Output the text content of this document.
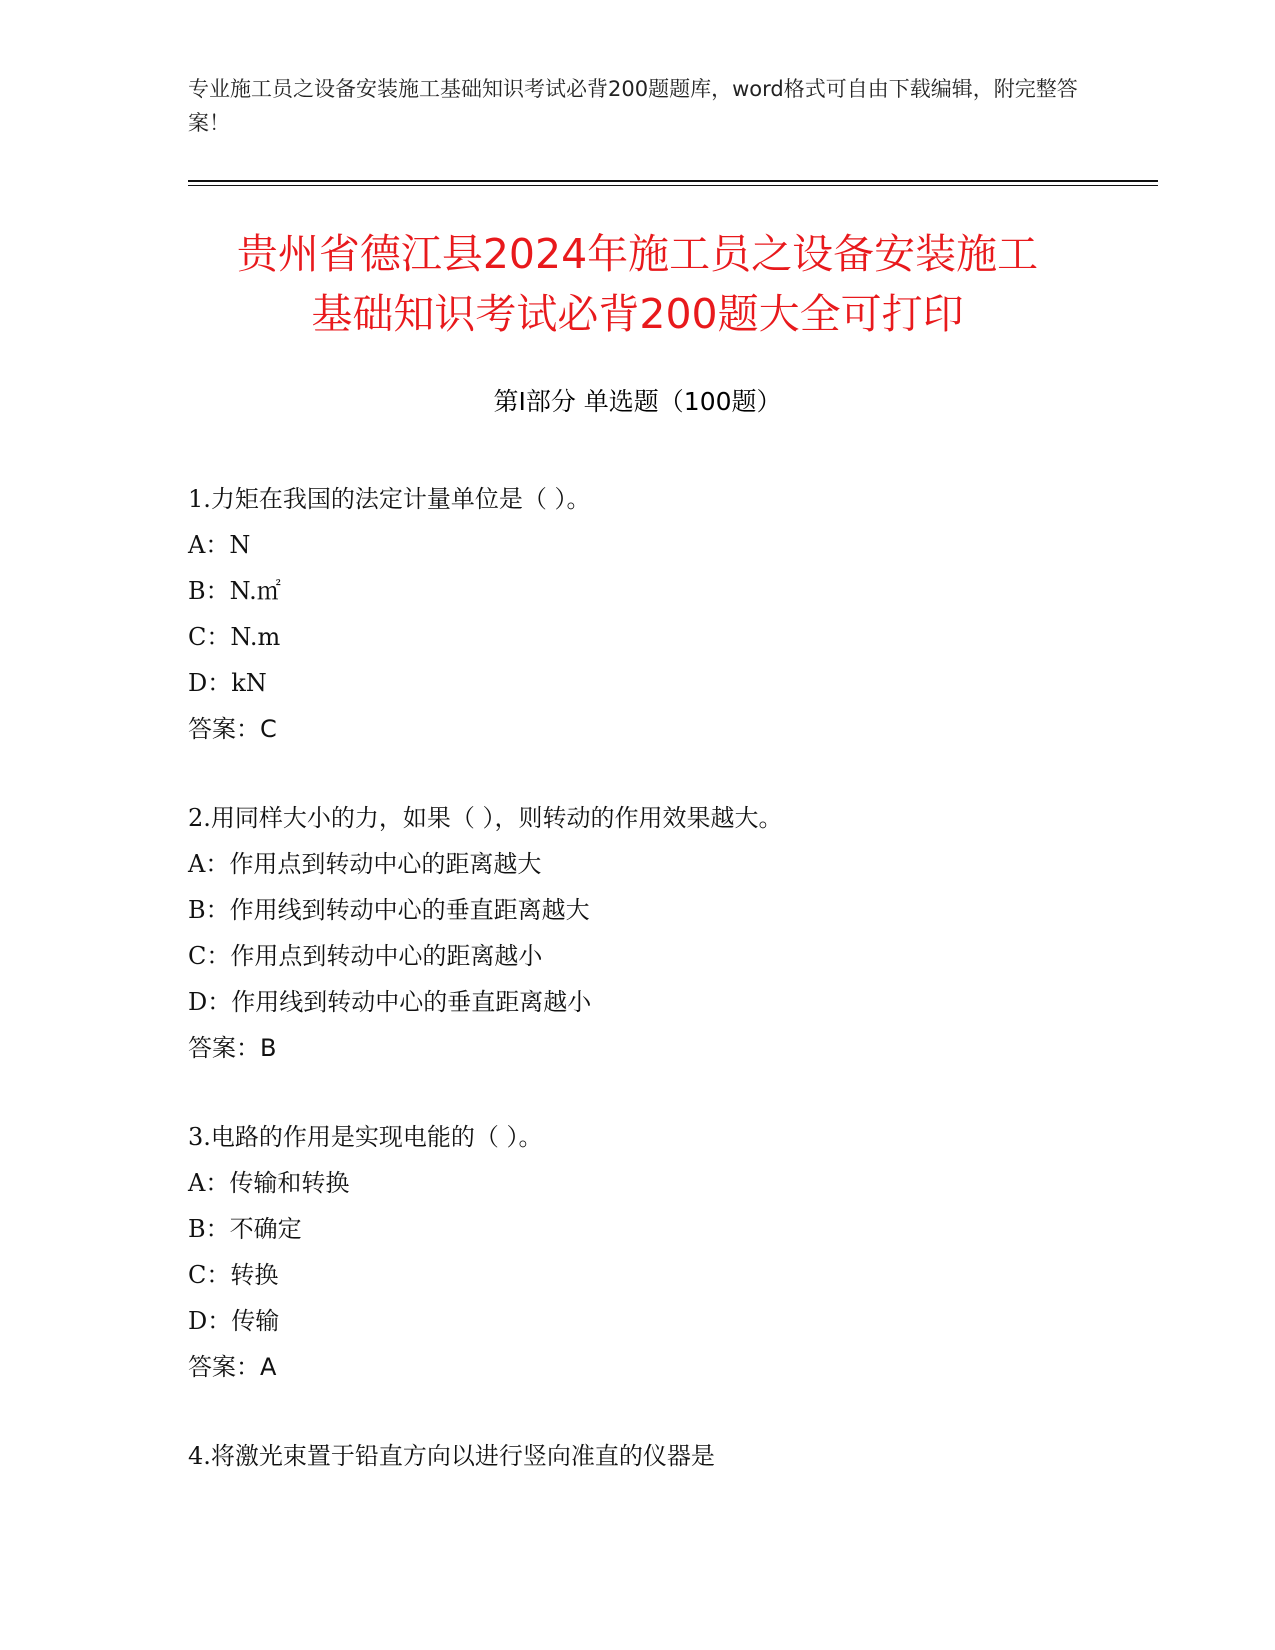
专业施工员之设备安装施工基础知识考试必背200题题库，word格式可自由下载编辑，附完整答案！
贵州省德江县2024年施工员之设备安装施工
基础知识考试必背200题大全可打印
第Ⅰ部分 单选题（100题）
1.力矩在我国的法定计量单位是（ ）。
A：N
B：N.㎡
C：N.m
D：kN
答案：C
2.用同样大小的力，如果（ ），则转动的作用效果越大。
A：作用点到转动中心的距离越大
B：作用线到转动中心的垂直距离越大
C：作用点到转动中心的距离越小
D：作用线到转动中心的垂直距离越小
答案：B
3.电路的作用是实现电能的（ ）。
A：传输和转换
B：不确定
C：转换
D：传输
答案：A
4.将激光束置于铅直方向以进行竖向准直的仪器是
